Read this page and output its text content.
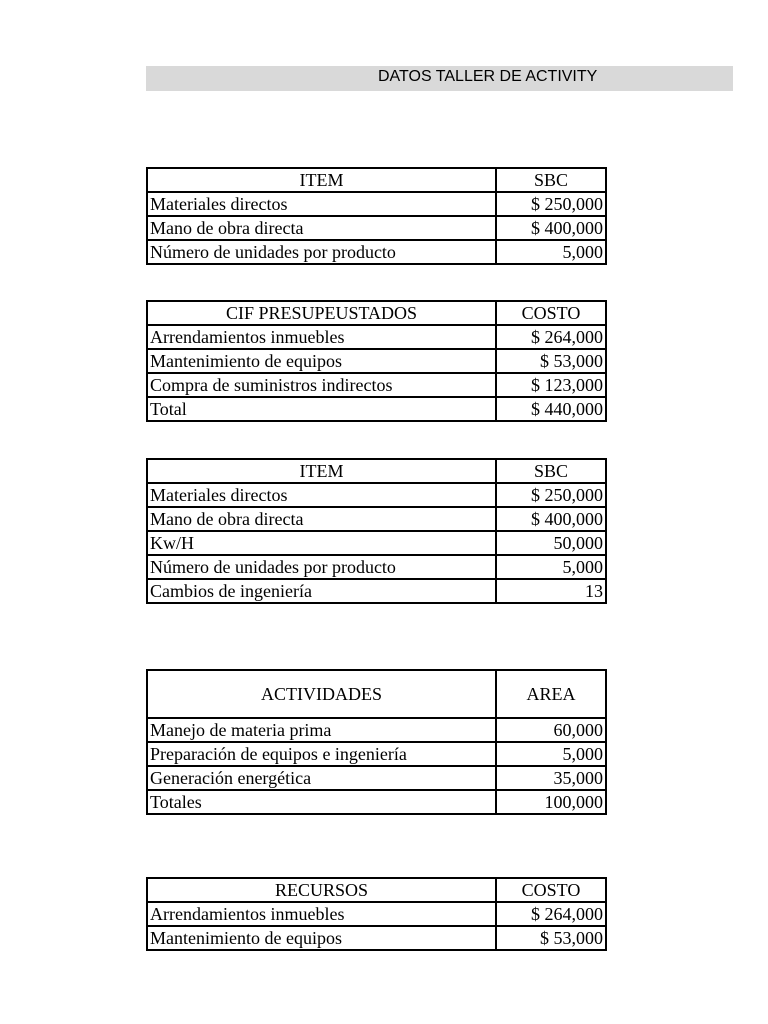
DATOS TALLER DE ACTIVITY
ITEM	SBC
Materiales directos	$ 250,000
Mano de obra directa	$ 400,000
Número de unidades por producto	5,000
CIF PRESUPEUSTADOS	COSTO
Arrendamientos inmuebles	$ 264,000
Mantenimiento de equipos	$ 53,000
Compra de suministros indirectos	$ 123,000
Total	$ 440,000
ITEM	SBC
Materiales directos	$ 250,000
Mano de obra directa	$ 400,000
Kw/H	50,000
Número de unidades por producto	5,000
Cambios de ingeniería	13
ACTIVIDADES	AREA
Manejo de materia prima	60,000
Preparación de equipos e ingeniería	5,000
Generación energética	35,000
Totales	100,000
RECURSOS	COSTO
Arrendamientos inmuebles	$ 264,000
Mantenimiento de equipos	$ 53,000
